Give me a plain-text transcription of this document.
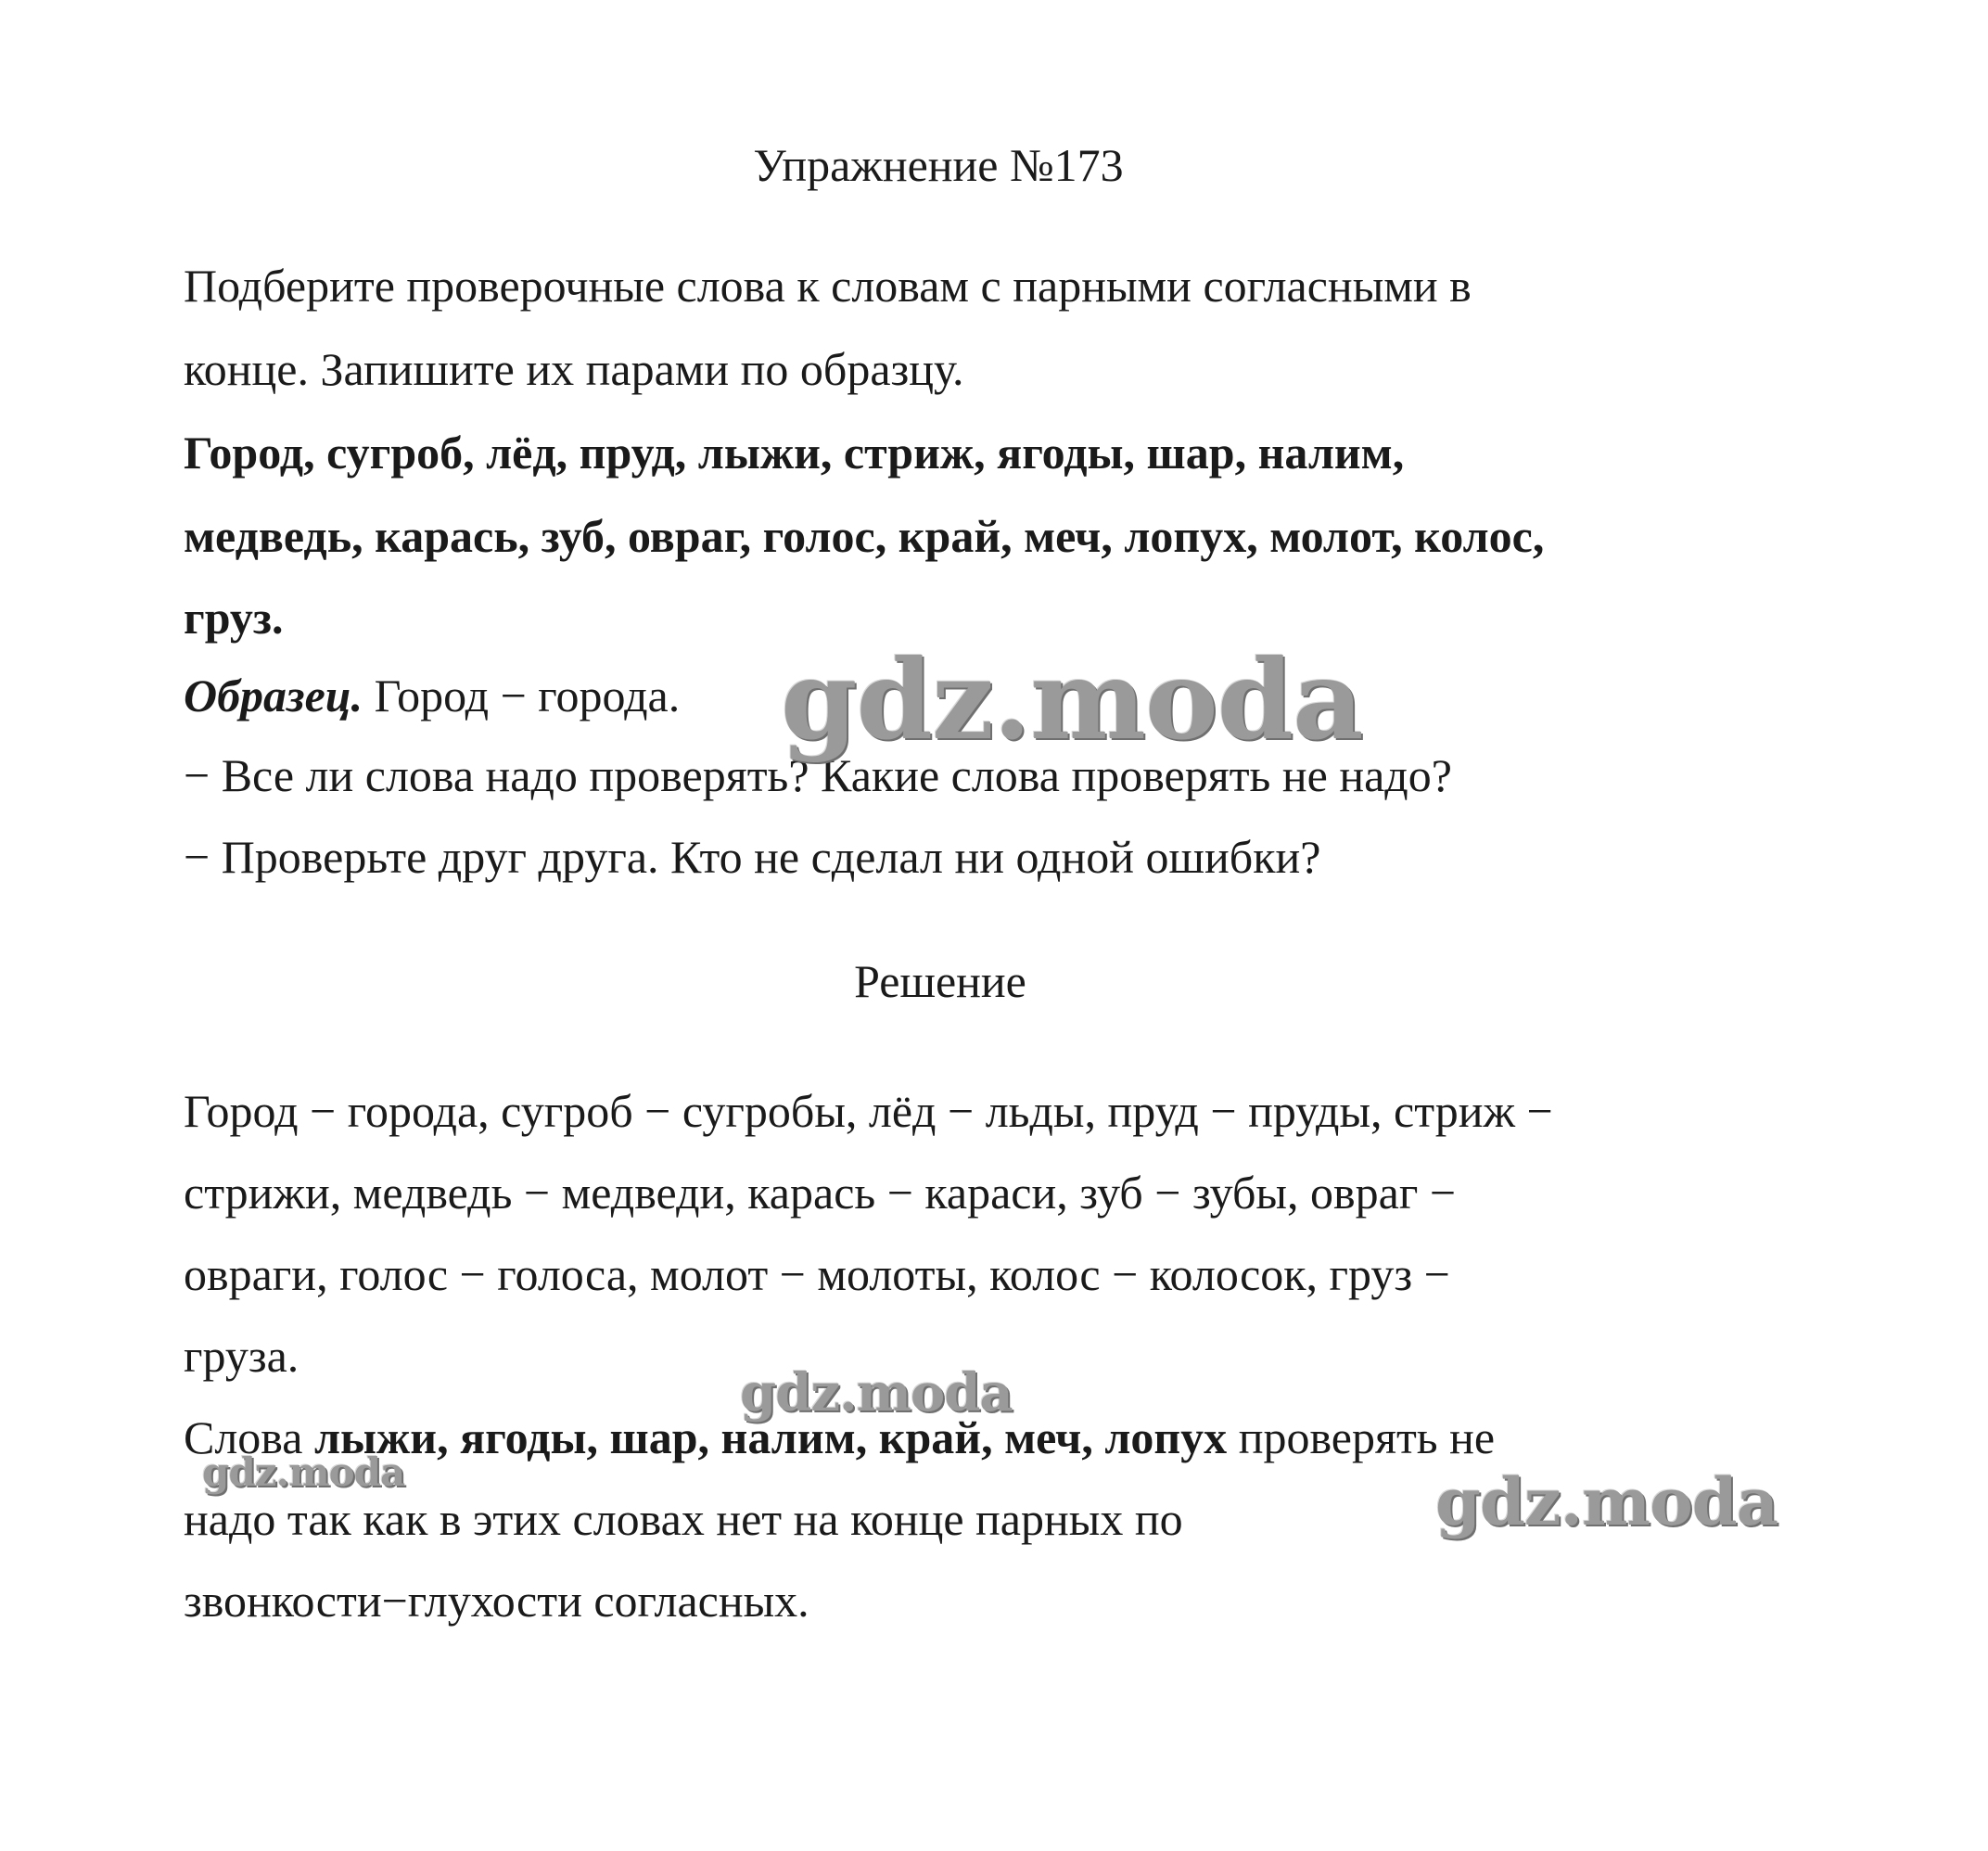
Упражнение №173
Подберите проверочные слова к словам с парными согласными в
конце. Запишите их парами по образцу.
Город, сугроб, лёд, пруд, лыжи, стриж, ягоды, шар, налим,
медведь, карась, зуб, овраг, голос, край, меч, лопух, молот, колос,
груз.
Образец. Город − города.
− Все ли слова надо проверять? Какие слова проверять не надо?
− Проверьте друг друга. Кто не сделал ни одной ошибки?
Решение
Город − города, сугроб − сугробы, лёд − льды, пруд − пруды, стриж −
стрижи, медведь − медведи, карась − караси, зуб − зубы, овраг −
овраги, голос − голоса, молот − молоты, колос − колосок, груз −
груза.
Слова лыжи, ягоды, шар, налим, край, меч, лопух проверять не
надо так как в этих словах нет на конце парных по
звонкости−глухости согласных.
gdz.moda
gdz.moda
gdz.moda	gdz.moda
